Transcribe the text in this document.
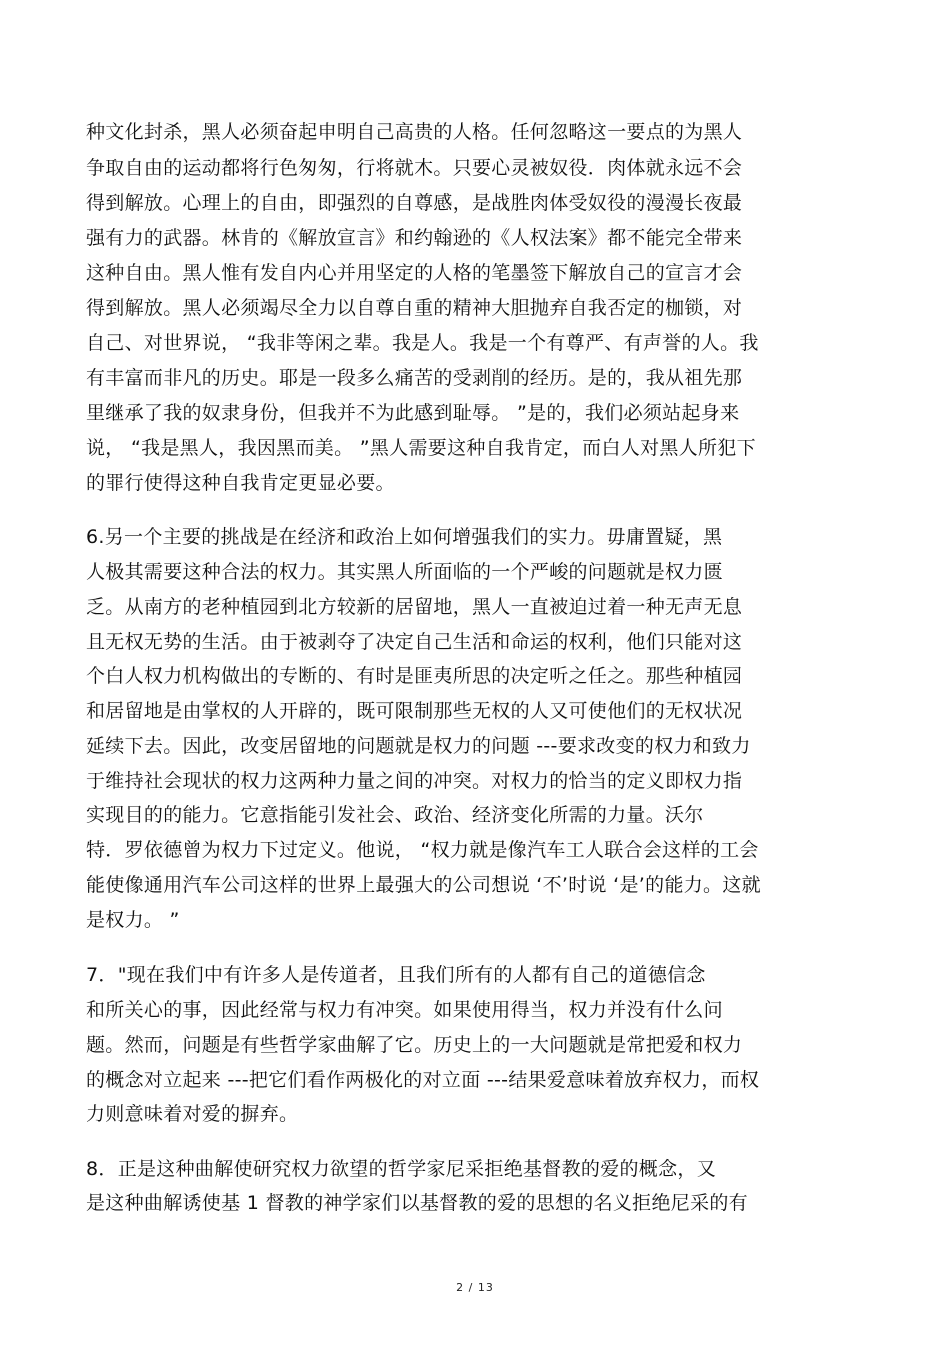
种文化封杀，黑人必须奋起申明自己高贵的人格。任何忽略这一要点的为黑人
争取自由的运动都将行色匆匆，行将就木。只要心灵被奴役．肉体就永远不会
得到解放。心理上的自由，即强烈的自尊感，是战胜肉体受奴役的漫漫长夜最
强有力的武器。林肯的《解放宣言》和约翰逊的《人权法案》都不能完全带来
这种自由。黑人惟有发自内心并用坚定的人格的笔墨签下解放自己的宣言才会
得到解放。黑人必须竭尽全力以自尊自重的精神大胆抛弃自我否定的枷锁，对
自己、对世界说， “我非等闲之辈。我是人。我是一个有尊严、有声誉的人。我
有丰富而非凡的历史。耶是一段多么痛苦的受剥削的经历。是的，我从祖先那
里继承了我的奴隶身份，但我并不为此感到耻辱。 ”是的，我们必须站起身来
说， “我是黑人，我因黑而美。 ”黑人需要这种自我肯定，而白人对黑人所犯下
的罪行使得这种自我肯定更显必要。
6.另一个主要的挑战是在经济和政治上如何增强我们的实力。毋庸置疑，黑
人极其需要这种合法的权力。其实黑人所面临的一个严峻的问题就是权力匮
乏。从南方的老种植园到北方较新的居留地，黑人一直被迫过着一种无声无息
且无权无势的生活。由于被剥夺了决定自己生活和命运的权利，他们只能对这
个白人权力机构做出的专断的、有时是匪夷所思的决定听之任之。那些种植园
和居留地是由掌权的人开辟的，既可限制那些无权的人又可使他们的无权状况
延续下去。因此，改变居留地的问题就是权力的问题 ---要求改变的权力和致力
于维持社会现状的权力这两种力量之间的冲突。对权力的恰当的定义即权力指
实现目的的能力。它意指能引发社会、政治、经济变化所需的力量。沃尔
特．罗依德曾为权力下过定义。他说， “权力就是像汽车工人联合会这样的工会
能使像通用汽车公司这样的世界上最强大的公司想说 ‘不’时说 ‘是’的能力。这就
是权力。 ”
7．"现在我们中有许多人是传道者，且我们所有的人都有自己的道德信念
和所关心的事，因此经常与权力有冲突。如果使用得当，权力并没有什么问
题。然而，问题是有些哲学家曲解了它。历史上的一大问题就是常把爱和权力
的概念对立起来 ---把它们看作两极化的对立面 ---结果爱意味着放弃权力，而权
力则意味着对爱的摒弃。
8．正是这种曲解使研究权力欲望的哲学家尼采拒绝基督教的爱的概念，又
是这种曲解诱使基 1 督教的神学家们以基督教的爱的思想的名义拒绝尼采的有
2 / 13
